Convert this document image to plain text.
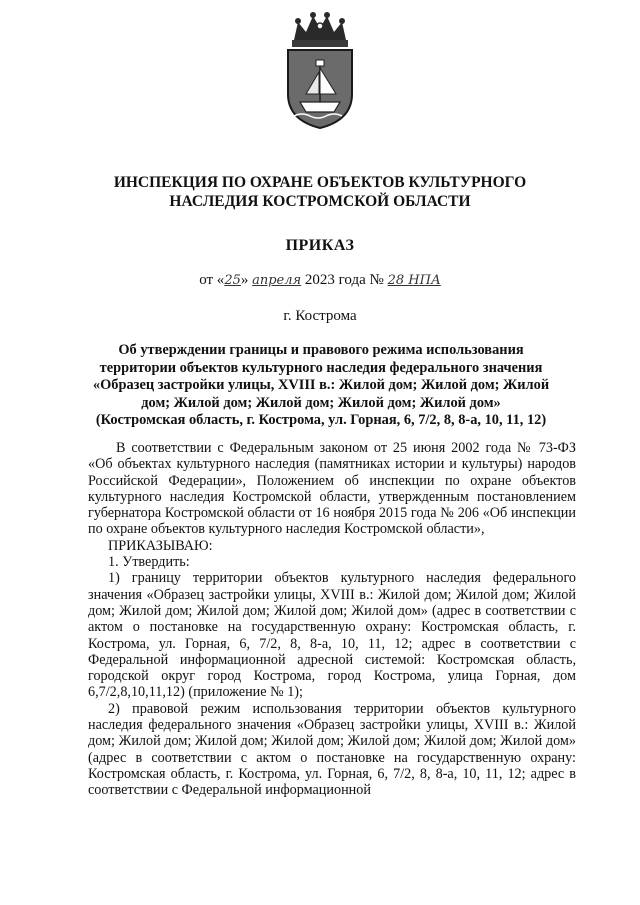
ИНСПЕКЦИЯ ПО ОХРАНЕ ОБЪЕКТОВ КУЛЬТУРНОГО
НАСЛЕДИЯ КОСТРОМСКОЙ ОБЛАСТИ
ПРИКАЗ
от «25» апреля 2023 года № 28 НПА
г. Кострома
Об утверждении границы и правового режима использования
территории объектов культурного наследия федерального значения
«Образец застройки улицы, XVIII в.: Жилой дом; Жилой дом; Жилой
дом; Жилой дом; Жилой дом; Жилой дом; Жилой дом»
(Костромская область, г. Кострома, ул. Горная, 6, 7/2, 8, 8-а, 10, 11, 12)

В соответствии с Федеральным законом от 25 июня 2002 года № 73-ФЗ «Об объектах культурного наследия (памятниках истории и культуры) народов Российской Федерации», Положением об инспекции по охране объектов культурного наследия Костромской области, утвержденным постановлением губернатора Костромской области от 16 ноября 2015 года № 206 «Об инспекции по охране объектов культурного наследия Костромской области»,

ПРИКАЗЫВАЮ:

1. Утвердить:

1) границу территории объектов культурного наследия федерального значения «Образец застройки улицы, XVIII в.: Жилой дом; Жилой дом; Жилой дом; Жилой дом; Жилой дом; Жилой дом; Жилой дом» (адрес в соответствии с актом о постановке на государственную охрану: Костромская область, г. Кострома, ул. Горная, 6, 7/2, 8, 8-а, 10, 11, 12; адрес в соответствии с Федеральной информационной адресной системой: Костромская область, городской округ город Кострома, город Кострома, улица Горная, дом 6,7/2,8,10,11,12) (приложение № 1);

2) правовой режим использования территории объектов культурного наследия федерального значения «Образец застройки улицы, XVIII в.: Жилой дом; Жилой дом; Жилой дом; Жилой дом; Жилой дом; Жилой дом; Жилой дом» (адрес в соответствии с актом о постановке на государственную охрану: Костромская область, г. Кострома, ул. Горная, 6, 7/2, 8, 8-а, 10, 11, 12; адрес в соответствии с Федеральной информационной
